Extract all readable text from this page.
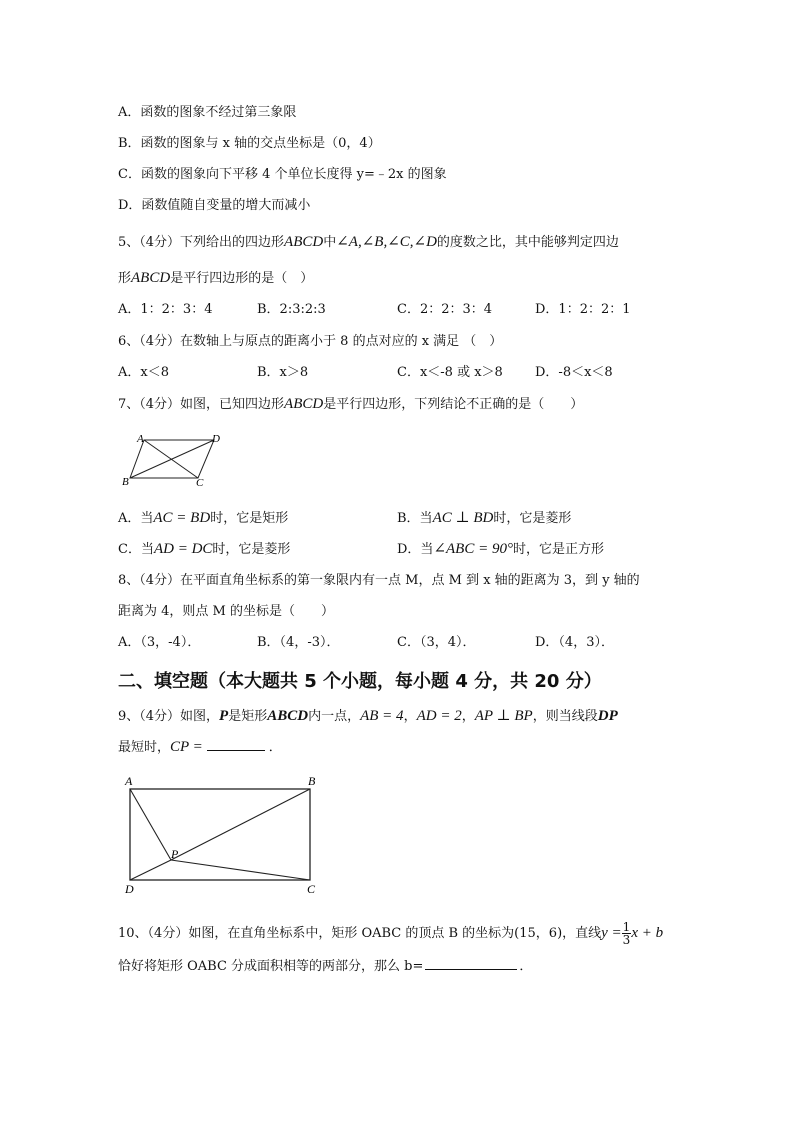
A．函数的图象不经过第三象限
B．函数的图象与 x 轴的交点坐标是（0，4）
C．函数的图象向下平移 4 个单位长度得 y=﹣2x 的图象
D．函数值随自变量的增大而减小
5、（4分）下列给出的四边形ABCD中∠A,∠B,∠C,∠D的度数之比，其中能够判定四边
形ABCD是平行四边形的是（　）
A．1：2：3：4	B．2:3:2:3	C．2：2：3：4	D．1：2：2：1
6、（4分）在数轴上与原点的距离小于 8 的点对应的 x 满足 （　）
A．x＜8	B．x＞8	C．x＜-8 或 x＞8 D．-8＜x＜8
7、（4分）如图，已知四边形ABCD是平行四边形，下列结论不正确的是（　　）
A	D
B	C
A．当AC = BD时，它是矩形	B．当AC ⊥ BD时，它是菱形
C．当AD = DC时，它是菱形	D．当∠ABC = 90°时，它是正方形
8、（4分）在平面直角坐标系的第一象限内有一点 M，点 M 到 x 轴的距离为 3，到 y 轴的
距离为 4，则点 M 的坐标是（　　）
A．（3，-4）．	B．（4，-3）．	C．（3，4）．	D．（4，3）．
二、填空题（本大题共 5 个小题，每小题 4 分，共 20 分）
9、（4分）如图，P是矩形ABCD内一点，AB = 4，AD = 2，AP ⊥ BP，则当线段DP
最短时，CP =	．
A	B
P
D	C
10、（4分）如图，在直角坐标系中，矩形 OABC 的顶点 B 的坐标为(15，6)，直线$y = \frac{1}{3}$ x + b
恰好将矩形 OABC 分成面积相等的两部分，那么 b=	．
